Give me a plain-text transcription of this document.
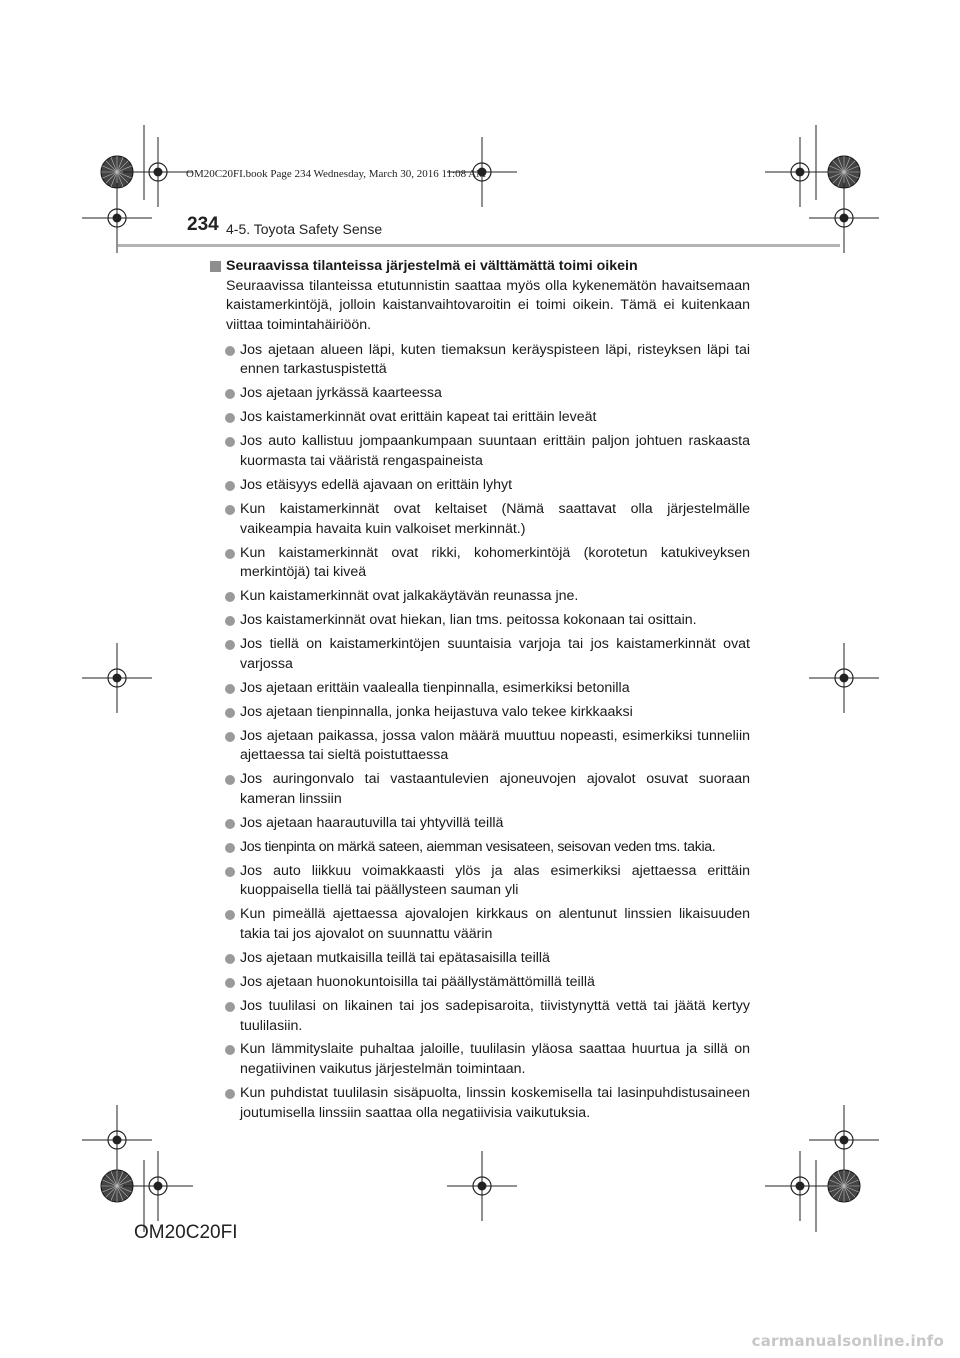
OM20C20FI.book Page 234 Wednesday, March 30, 2016 11:08 AM
234 4-5. Toyota Safety Sense

Seuraavissa tilanteissa järjestelmä ei välttämättä toimi oikein

Seuraavissa tilanteissa etutunnistin saattaa myös olla kykenemätön havaitsemaan kaistamerkintöjä, jolloin kaistanvaihtovaroitin ei toimi oikein. Tämä ei kuitenkaan viittaa toimintahäiriöön.

Jos ajetaan alueen läpi, kuten tiemaksun keräyspisteen läpi, risteyksen läpi tai ennen tarkastuspistettä
Jos ajetaan jyrkässä kaarteessa
Jos kaistamerkinnät ovat erittäin kapeat tai erittäin leveät
Jos auto kallistuu jompaankumpaan suuntaan erittäin paljon johtuen raskaasta kuormasta tai vääristä rengaspaineista
Jos etäisyys edellä ajavaan on erittäin lyhyt
Kun kaistamerkinnät ovat keltaiset (Nämä saattavat olla järjestelmälle vaikeampia havaita kuin valkoiset merkinnät.)
Kun kaistamerkinnät ovat rikki, kohomerkintöjä (korotetun katukiveyksen merkintöjä) tai kiveä
Kun kaistamerkinnät ovat jalkakäytävän reunassa jne.
Jos kaistamerkinnät ovat hiekan, lian tms. peitossa kokonaan tai osittain.
Jos tiellä on kaistamerkintöjen suuntaisia varjoja tai jos kaistamerkinnät ovat varjossa
Jos ajetaan erittäin vaalealla tienpinnalla, esimerkiksi betonilla
Jos ajetaan tienpinnalla, jonka heijastuva valo tekee kirkkaaksi
Jos ajetaan paikassa, jossa valon määrä muuttuu nopeasti, esimerkiksi tunneliin ajettaessa tai sieltä poistuttaessa
Jos auringonvalo tai vastaantulevien ajoneuvojen ajovalot osuvat suoraan kameran linssiin
Jos ajetaan haarautuvilla tai yhtyvillä teillä
Jos tienpinta on märkä sateen, aiemman vesisateen, seisovan veden tms. takia.
Jos auto liikkuu voimakkaasti ylös ja alas esimerkiksi ajettaessa erittäin kuoppaisella tiellä tai päällysteen sauman yli
Kun pimeällä ajettaessa ajovalojen kirkkaus on alentunut linssien likaisuuden takia tai jos ajovalot on suunnattu väärin
Jos ajetaan mutkaisilla teillä tai epätasaisilla teillä
Jos ajetaan huonokuntoisilla tai päällystämättömillä teillä
Jos tuulilasi on likainen tai jos sadepisaroita, tiivistynyttä vettä tai jäätä kertyy tuulilasiin.
Kun lämmityslaite puhaltaa jaloille, tuulilasin yläosa saattaa huurtua ja sillä on negatiivinen vaikutus järjestelmän toimintaan.
Kun puhdistat tuulilasin sisäpuolta, linssin koskemisella tai lasinpuhdistusaineen joutumisella linssiin saattaa olla negatiivisia vaikutuksia.
OM20C20FI
carmanualsonline.info
